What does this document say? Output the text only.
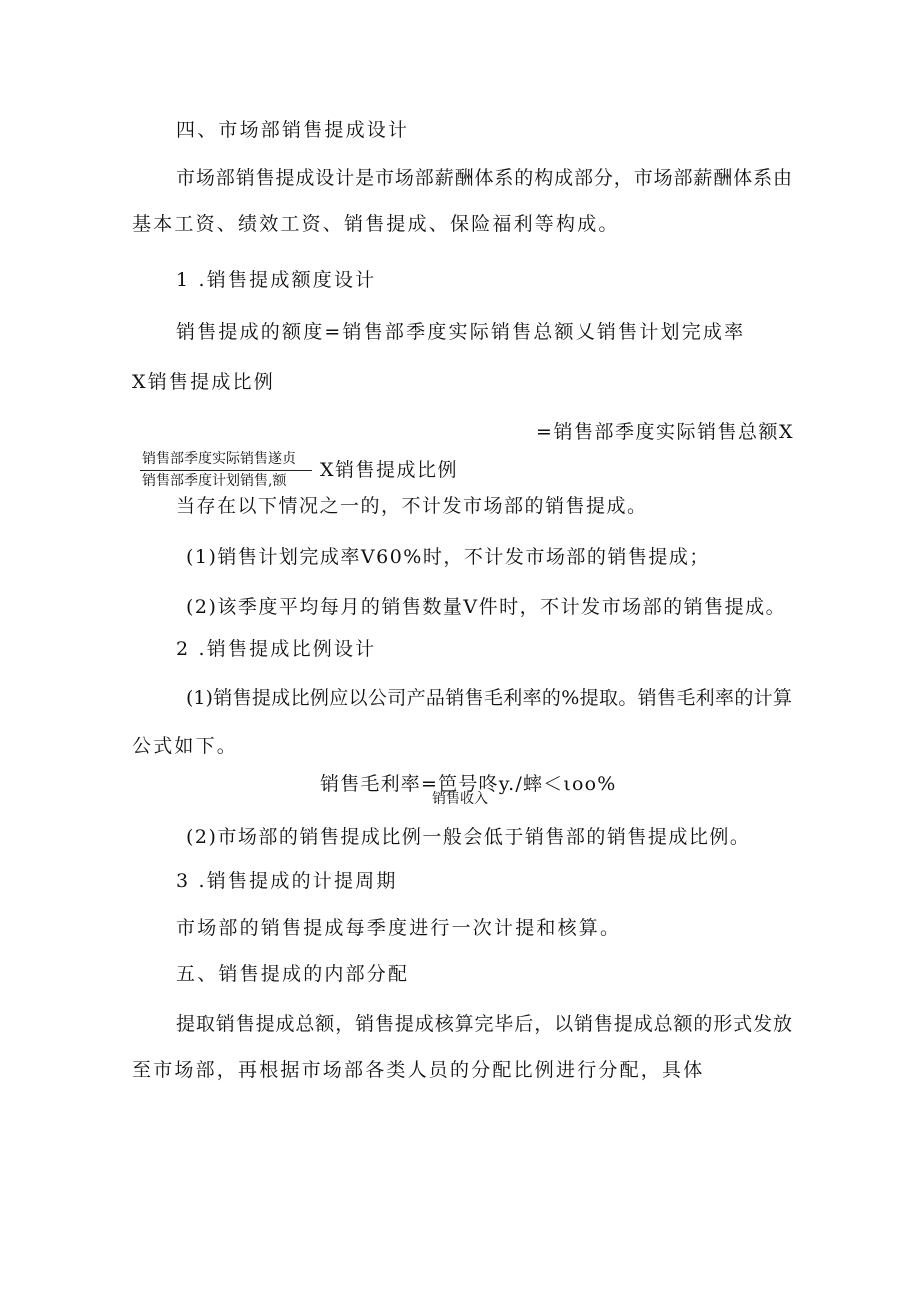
四、市场部销售提成设计
市场部销售提成设计是市场部薪酬体系的构成部分，市场部薪酬体系由
基本工资、绩效工资、销售提成、保险福利等构成。
1 .销售提成额度设计
销售提成的额度=销售部季度实际销售总额乂销售计划完成率
X销售提成比例
=销售部季度实际销售总额X
销售部季度实际销售遂贞
销售部季度计划销售,额 X销售提成比例
当存在以下情况之一的，不计发市场部的销售提成。
(1)销售计划完成率V60%时，不计发市场部的销售提成；
(2)该季度平均每月的销售数量V件时，不计发市场部的销售提成。
2 .销售提成比例设计
(1)销售提成比例应以公司产品销售毛利率的%提取。销售毛利率的计算
公式如下。
销售毛利率=笆号咚y./蟀＜ιoo%
销售收入
(2)市场部的销售提成比例一般会低于销售部的销售提成比例。
3 .销售提成的计提周期
市场部的销售提成每季度进行一次计提和核算。
五、销售提成的内部分配
提取销售提成总额，销售提成核算完毕后，以销售提成总额的形式发放
至市场部，再根据市场部各类人员的分配比例进行分配，具体
